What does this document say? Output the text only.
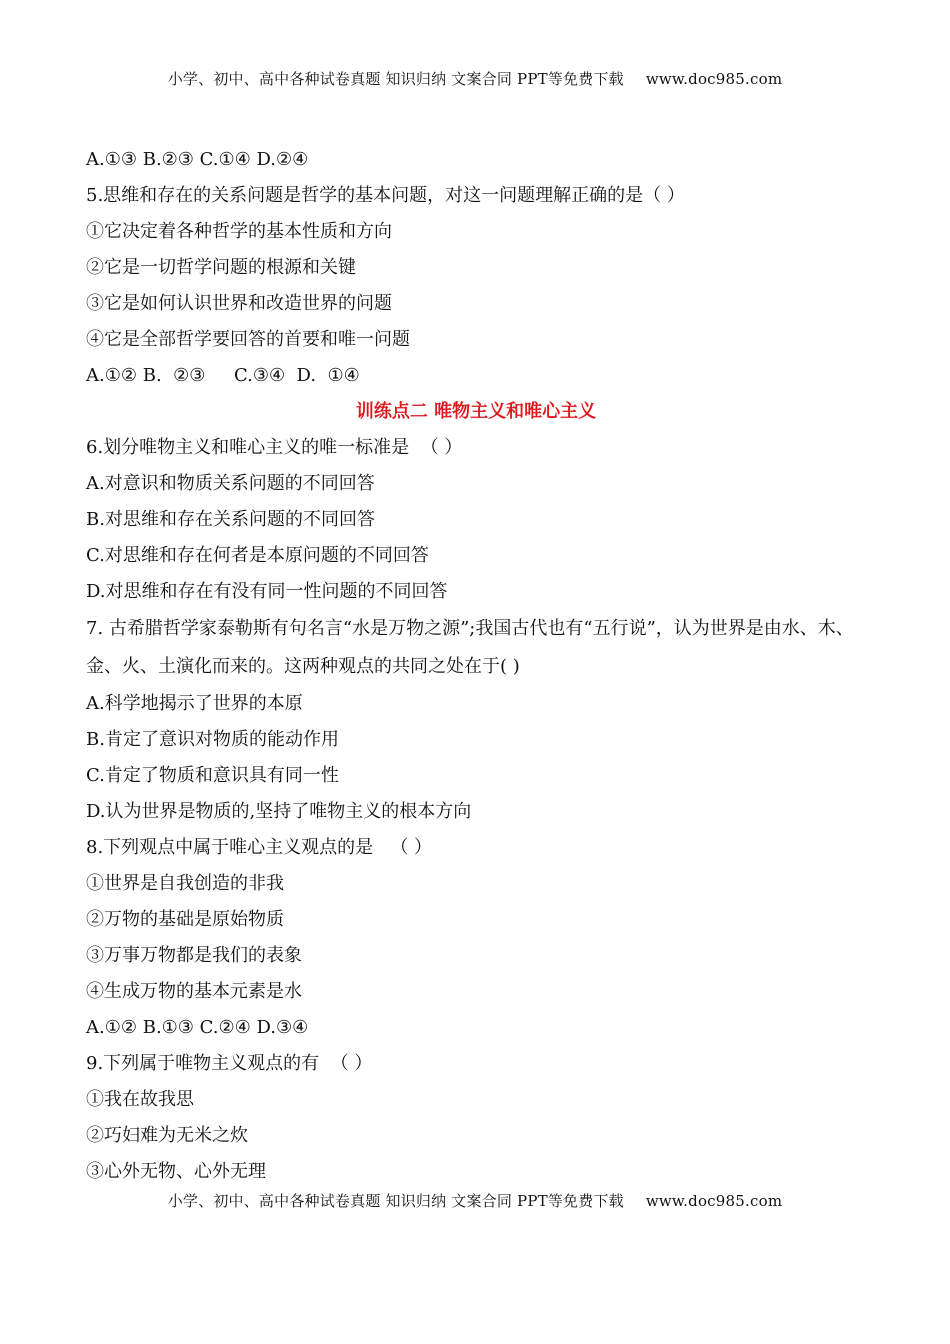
小学、初中、高中各种试卷真题 知识归纳 文案合同 PPT等免费下载 www.doc985.com
A.①③ B.②③ C.①④ D.②④
5.思维和存在的关系问题是哲学的基本问题，对这一问题理解正确的是（ ）
①它决定着各种哲学的基本性质和方向
②它是一切哲学问题的根源和关键
③它是如何认识世界和改造世界的问题
④它是全部哲学要回答的首要和唯一问题
A.①② B.  ②③     C.③④  D.  ①④
训练点二 唯物主义和唯心主义
6.划分唯物主义和唯心主义的唯一标准是  （ ）
A.对意识和物质关系问题的不同回答
B.对思维和存在关系问题的不同回答
C.对思维和存在何者是本原问题的不同回答
D.对思维和存在有没有同一性问题的不同回答
7. 古希腊哲学家泰勒斯有句名言“水是万物之源”;我国古代也有“五行说”，认为世界是由水、木、金、火、土演化而来的。这两种观点的共同之处在于( )
A.科学地揭示了世界的本原
B.肯定了意识对物质的能动作用
C.肯定了物质和意识具有同一性
D.认为世界是物质的,坚持了唯物主义的根本方向
8.下列观点中属于唯心主义观点的是   （ ）
①世界是自我创造的非我
②万物的基础是原始物质
③万事万物都是我们的表象
④生成万物的基本元素是水
A.①② B.①③ C.②④ D.③④
9.下列属于唯物主义观点的有  （ ）
①我在故我思
②巧妇难为无米之炊
③心外无物、心外无理
小学、初中、高中各种试卷真题 知识归纳 文案合同 PPT等免费下载 www.doc985.com
